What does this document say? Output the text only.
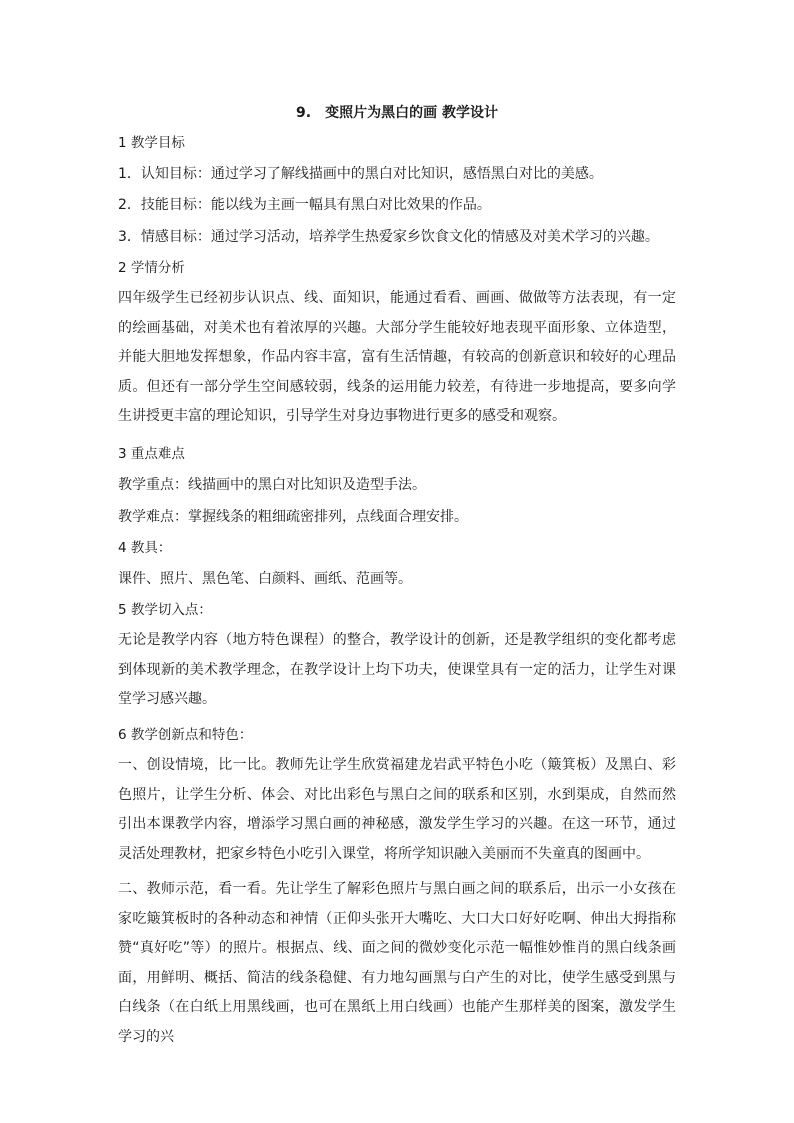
9.　变照片为黑白的画 教学设计
1 教学目标
1．认知目标：通过学习了解线描画中的黑白对比知识，感悟黑白对比的美感。
2．技能目标：能以线为主画一幅具有黑白对比效果的作品。
3．情感目标：通过学习活动，培养学生热爱家乡饮食文化的情感及对美术学习的兴趣。
2 学情分析
四年级学生已经初步认识点、线、面知识，能通过看看、画画、做做等方法表现，有一定的绘画基础，对美术也有着浓厚的兴趣。大部分学生能较好地表现平面形象、立体造型，并能大胆地发挥想象，作品内容丰富，富有生活情趣，有较高的创新意识和较好的心理品质。但还有一部分学生空间感较弱，线条的运用能力较差，有待进一步地提高，要多向学生讲授更丰富的理论知识，引导学生对身边事物进行更多的感受和观察。
3 重点难点
教学重点：线描画中的黑白对比知识及造型手法。
教学难点：掌握线条的粗细疏密排列，点线面合理安排。
4 教具：
课件、照片、黑色笔、白颜料、画纸、范画等。
5 教学切入点：
无论是教学内容（地方特色课程）的整合，教学设计的创新，还是教学组织的变化都考虑到体现新的美术教学理念，在教学设计上均下功夫，使课堂具有一定的活力，让学生对课堂学习感兴趣。
6 教学创新点和特色：
一、创设情境，比一比。教师先让学生欣赏福建龙岩武平特色小吃（簸箕板）及黑白、彩色照片，让学生分析、体会、对比出彩色与黑白之间的联系和区别，水到渠成，自然而然引出本课教学内容，增添学习黑白画的神秘感，激发学生学习的兴趣。在这一环节，通过灵活处理教材，把家乡特色小吃引入课堂，将所学知识融入美丽而不失童真的图画中。
二、教师示范，看一看。先让学生了解彩色照片与黑白画之间的联系后，出示一小女孩在家吃簸箕板时的各种动态和神情（正仰头张开大嘴吃、大口大口好好吃啊、伸出大拇指称赞“真好吃”等）的照片。根据点、线、面之间的微妙变化示范一幅惟妙惟肖的黑白线条画面，用鲜明、概括、简洁的线条稳健、有力地勾画黑与白产生的对比，使学生感受到黑与白线条（在白纸上用黑线画，也可在黑纸上用白线画）也能产生那样美的图案，激发学生学习的兴
